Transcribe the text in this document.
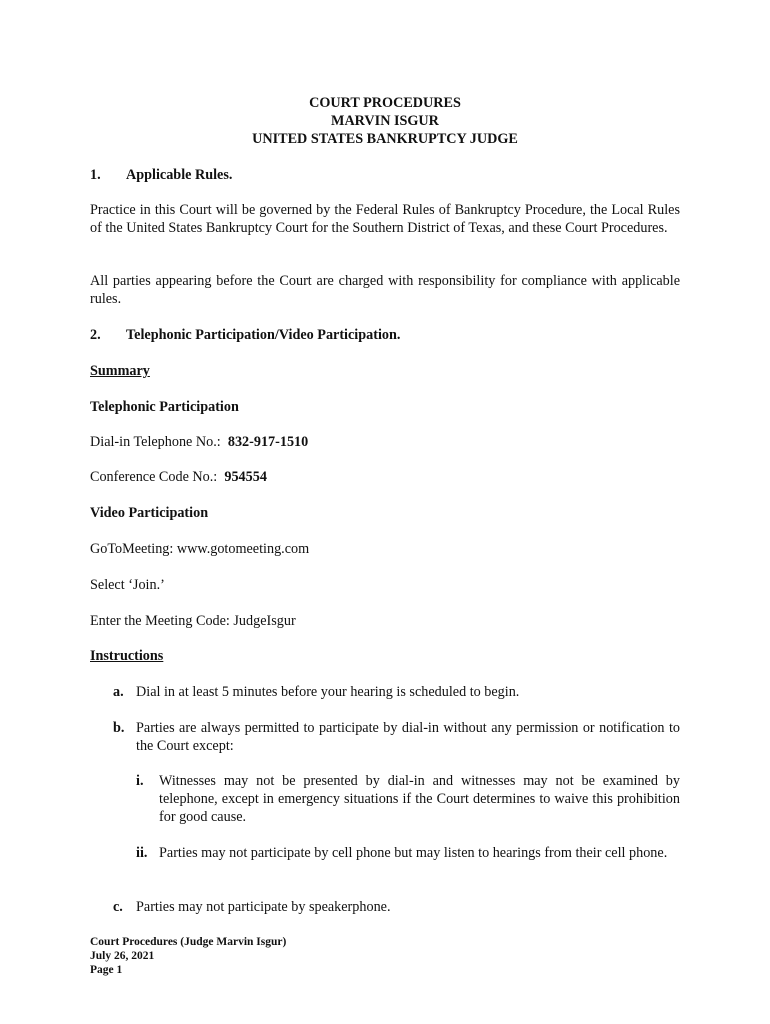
COURT PROCEDURES
MARVIN ISGUR
UNITED STATES BANKRUPTCY JUDGE
1. Applicable Rules.
Practice in this Court will be governed by the Federal Rules of Bankruptcy Procedure, the Local Rules of the United States Bankruptcy Court for the Southern District of Texas, and these Court Procedures.
All parties appearing before the Court are charged with responsibility for compliance with applicable rules.
2. Telephonic Participation/Video Participation.
Summary
Telephonic Participation
Dial-in Telephone No.: 832-917-1510
Conference Code No.: 954554
Video Participation
GoToMeeting: www.gotomeeting.com
Select ‘Join.’
Enter the Meeting Code: JudgeIsgur
Instructions
a. Dial in at least 5 minutes before your hearing is scheduled to begin.
b. Parties are always permitted to participate by dial-in without any permission or notification to the Court except:
i. Witnesses may not be presented by dial-in and witnesses may not be examined by telephone, except in emergency situations if the Court determines to waive this prohibition for good cause.
ii. Parties may not participate by cell phone but may listen to hearings from their cell phone.
c. Parties may not participate by speakerphone.
Court Procedures (Judge Marvin Isgur)
July 26, 2021
Page 1
